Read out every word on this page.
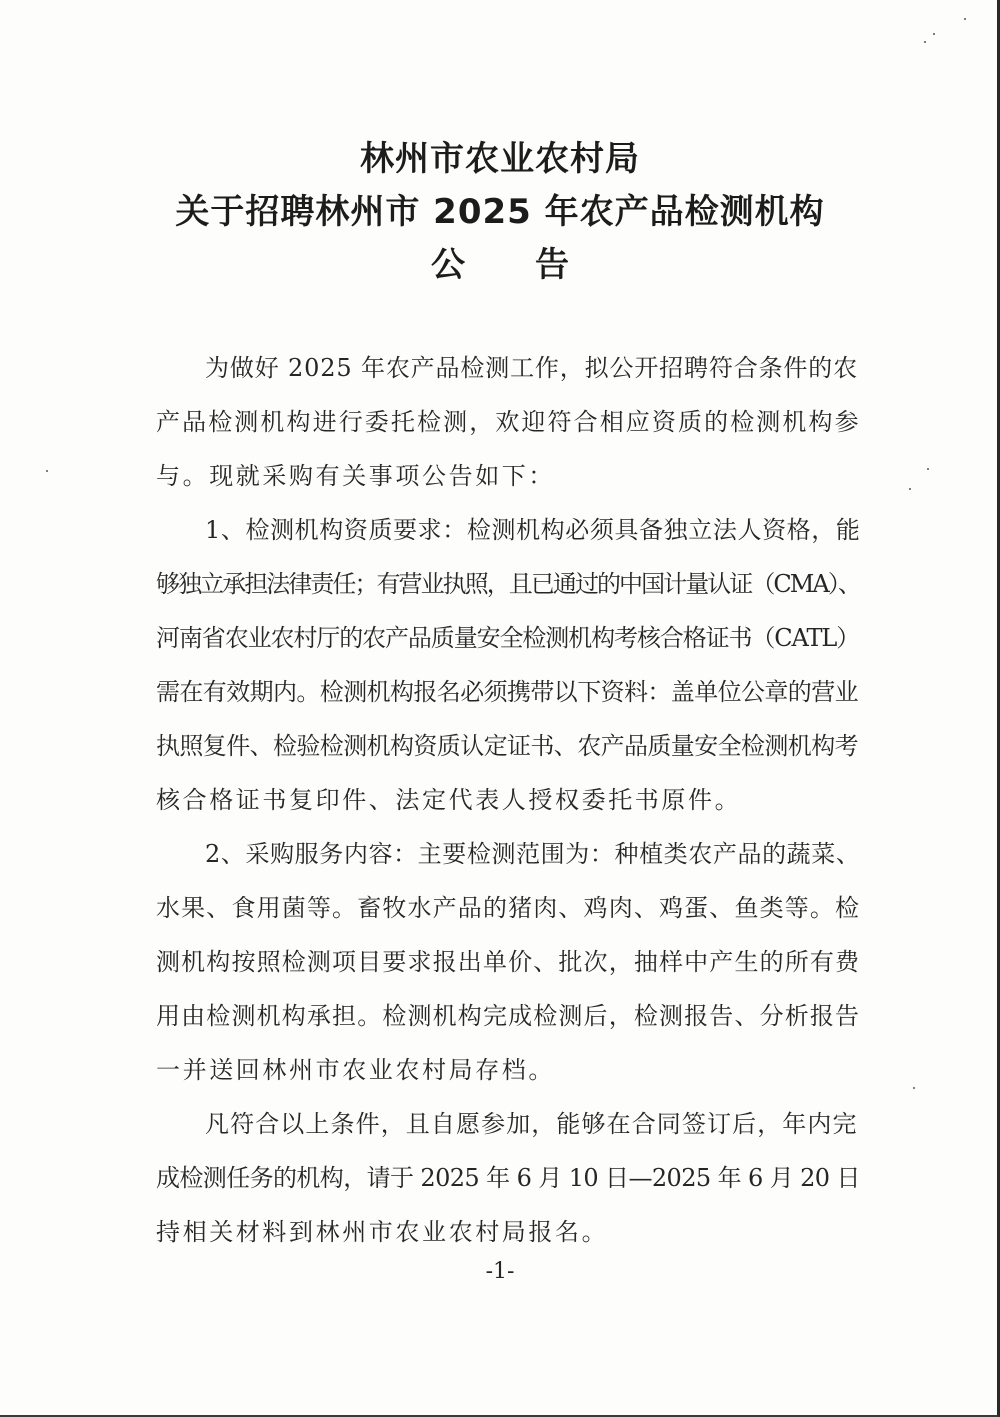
林州市农业农村局
关于招聘林州市 2025 年农产品检测机构
公 告
为做好 2025 年农产品检测工作，拟公开招聘符合条件的农
产品检测机构进行委托检测，欢迎符合相应资质的检测机构参
与。现就采购有关事项公告如下：
1、检测机构资质要求：检测机构必须具备独立法人资格，能
够独立承担法律责任；有营业执照，且已通过的中国计量认证（CMA）、
河南省农业农村厅的农产品质量安全检测机构考核合格证书（CATL）
需在有效期内。检测机构报名必须携带以下资料：盖单位公章的营业
执照复件、检验检测机构资质认定证书、农产品质量安全检测机构考
核合格证书复印件、法定代表人授权委托书原件。
2、采购服务内容：主要检测范围为：种植类农产品的蔬菜、
水果、食用菌等。畜牧水产品的猪肉、鸡肉、鸡蛋、鱼类等。检
测机构按照检测项目要求报出单价、批次，抽样中产生的所有费
用由检测机构承担。检测机构完成检测后，检测报告、分析报告
一并送回林州市农业农村局存档。
凡符合以上条件，且自愿参加，能够在合同签订后，年内完
成检测任务的机构，请于 2025 年 6 月 10 日—2025 年 6 月 20 日
持相关材料到林州市农业农村局报名。
-1-
